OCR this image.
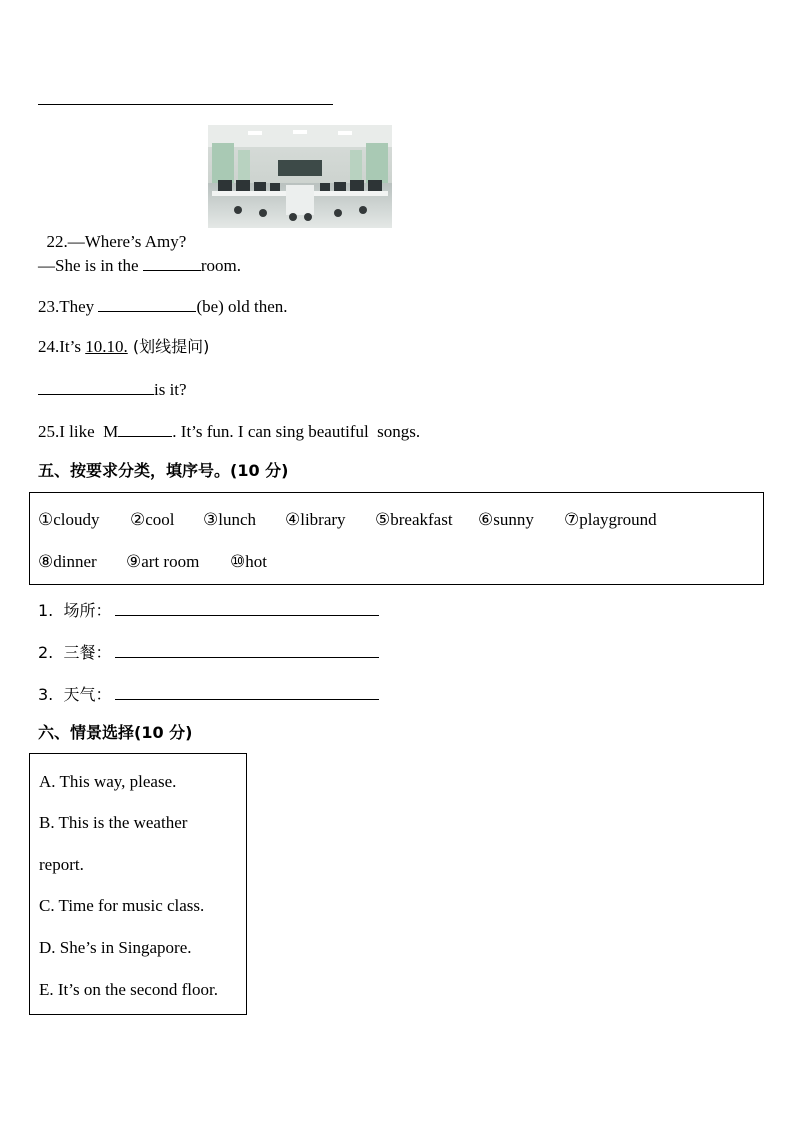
22.—Where’s Amy?

—She is in the	room.
23.They	(be) old then.
24.It’s 10.10. (划线提问)
is it?
25.I like  M	. It’s fun. I can sing beautiful  songs.
五、按要求分类，填序号。(10 分)
①cloudy ②cool ③lunch ④library ⑤breakfast ⑥sunny ⑦playground
⑧dinner ⑨art room ⑩hot
1.  场所：
2.  三餐：
3.  天气：
六、情景选择(10 分)
A. This way, please.
B. This is the weather
report.
C. Time for music class.
D. She’s in Singapore.
E. It’s on the second floor.
